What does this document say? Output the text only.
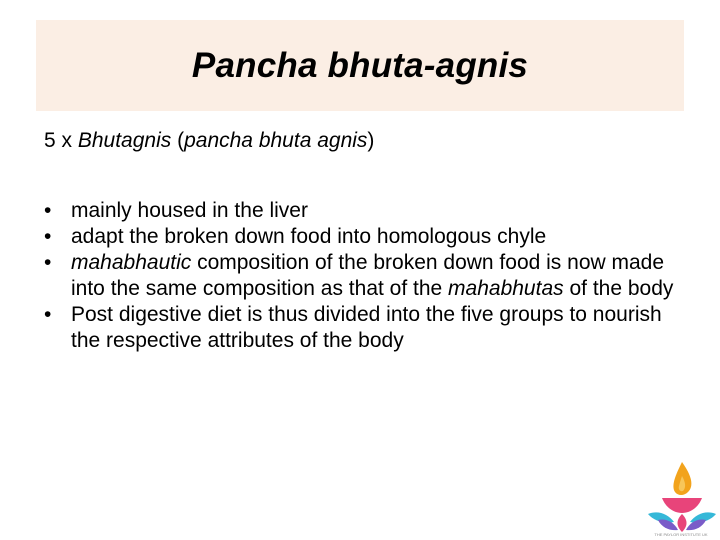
Pancha bhuta-agnis

5 x Bhutagnis (pancha bhuta agnis)

• mainly housed in the liver
• adapt the broken down food into homologous chyle
• mahabhautic composition of the broken down food is now made into the same composition as that of the mahabhutas of the body
• Post digestive diet is thus divided into the five groups to nourish the respective attributes of the body
THE PAYLOR INSTITUTE UK
